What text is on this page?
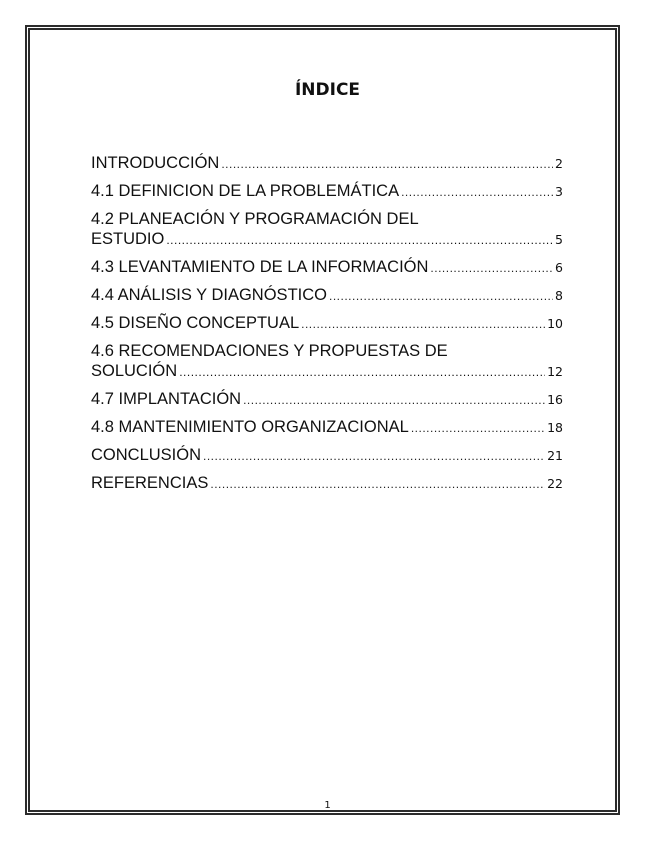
ÍNDICE
INTRODUCCIÓN .....	2
4.1 DEFINICION DE LA PROBLEMÁTICA .....	3
4.2 PLANEACIÓN Y PROGRAMACIÓN DEL
ESTUDIO .....	5
4.3 LEVANTAMIENTO DE LA INFORMACIÓN .....	6
4.4 ANÁLISIS Y DIAGNÓSTICO .....	8
4.5 DISEÑO CONCEPTUAL .....	10
4.6 RECOMENDACIONES Y PROPUESTAS DE
SOLUCIÓN .....	12
4.7 IMPLANTACIÓN .....	16
4.8 MANTENIMIENTO ORGANIZACIONAL .....	18
CONCLUSIÓN .....	21
REFERENCIAS .....	22
1
